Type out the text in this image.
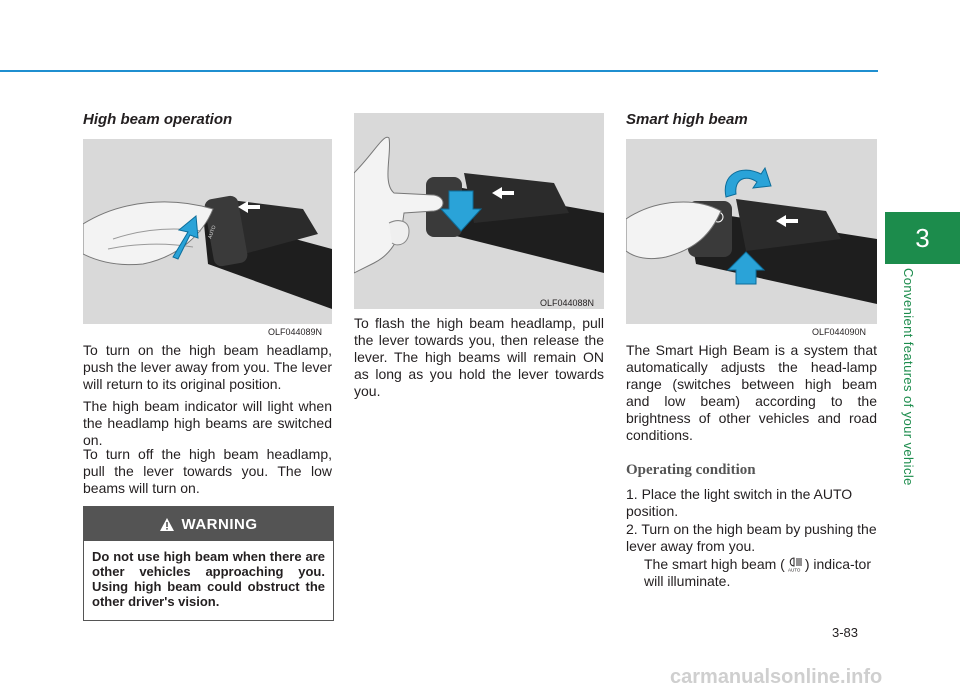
3
Convenient features of your vehicle
High beam operation
AUTO
OLF044089N

To turn on the high beam headlamp, push the lever away from you. The lever will return to its original position.

The high beam indicator will light when the headlamp high beams are switched on.

To turn off the high beam headlamp, pull the lever towards you. The low beams will turn on.

WARNING
Do not use high beam when there are other vehicles approaching you. Using high beam could obstruct the other driver's vision.
OLF044088N

To flash the high beam headlamp, pull the lever towards you, then release the lever. The high beams will remain ON as long as you hold the lever towards you.

Smart high beam
OLF044090N

The Smart High Beam is a system that automatically adjusts the head-lamp range (switches between high beam and low beam) according to the brightness of other vehicles and road conditions.

Operating condition
1. Place the light switch in the AUTO position.
2. Turn on the high beam by pushing the lever away from you.
The smart high beam ( AUTO ) indica-tor will illuminate.
3-83
carmanualsonline.info
